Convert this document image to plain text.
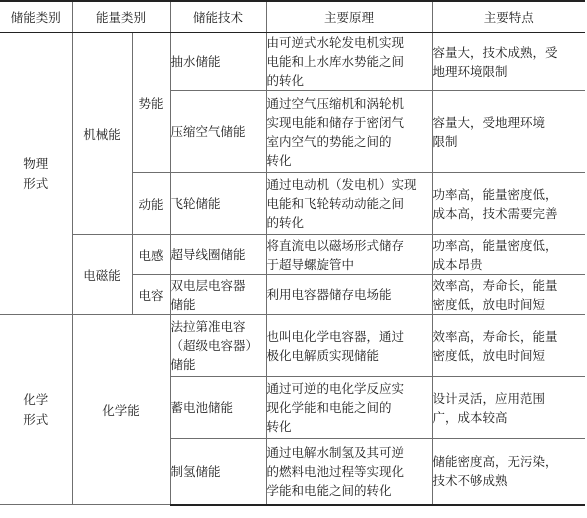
储能类别	能量类别		储能技术	主要原理	主要特点
物理
形式	机械能	势能	抽水储能	由可逆式水轮发电机实现
电能和上水库水势能之间
的转化	容量大，技术成熟，受
地理环境限制

			压缩空气储能	通过空气压缩机和涡轮机
实现电能和储存于密闭气
室内空气的势能之间的
转化	容量大，受地理环境
限制

		动能	飞轮储能	通过电动机（发电机）实现
电能和飞轮转动动能之间
的转化	功率高，能量密度低，
成本高，技术需要完善

	电磁能	电感	超导线圈储能	将直流电以磁场形式储存
于超导螺旋管中	功率高，能量密度低，
成本昂贵

		电容	双电层电容器
储能	利用电容器储存电场能	效率高，寿命长，能量
密度低，放电时间短

化学
形式	化学能		法拉第准电容
（超级电容器）
储能	也叫电化学电容器，通过
极化电解质实现储能	效率高，寿命长，能量
密度低，放电时间短

			蓄电池储能	通过可逆的电化学反应实
现化学能和电能之间的
转化	设计灵活，应用范围
广，成本较高

			制氢储能	通过电解水制氢及其可逆
的燃料电池过程等实现化
学能和电能之间的转化	储能密度高，无污染，
技术不够成熟
